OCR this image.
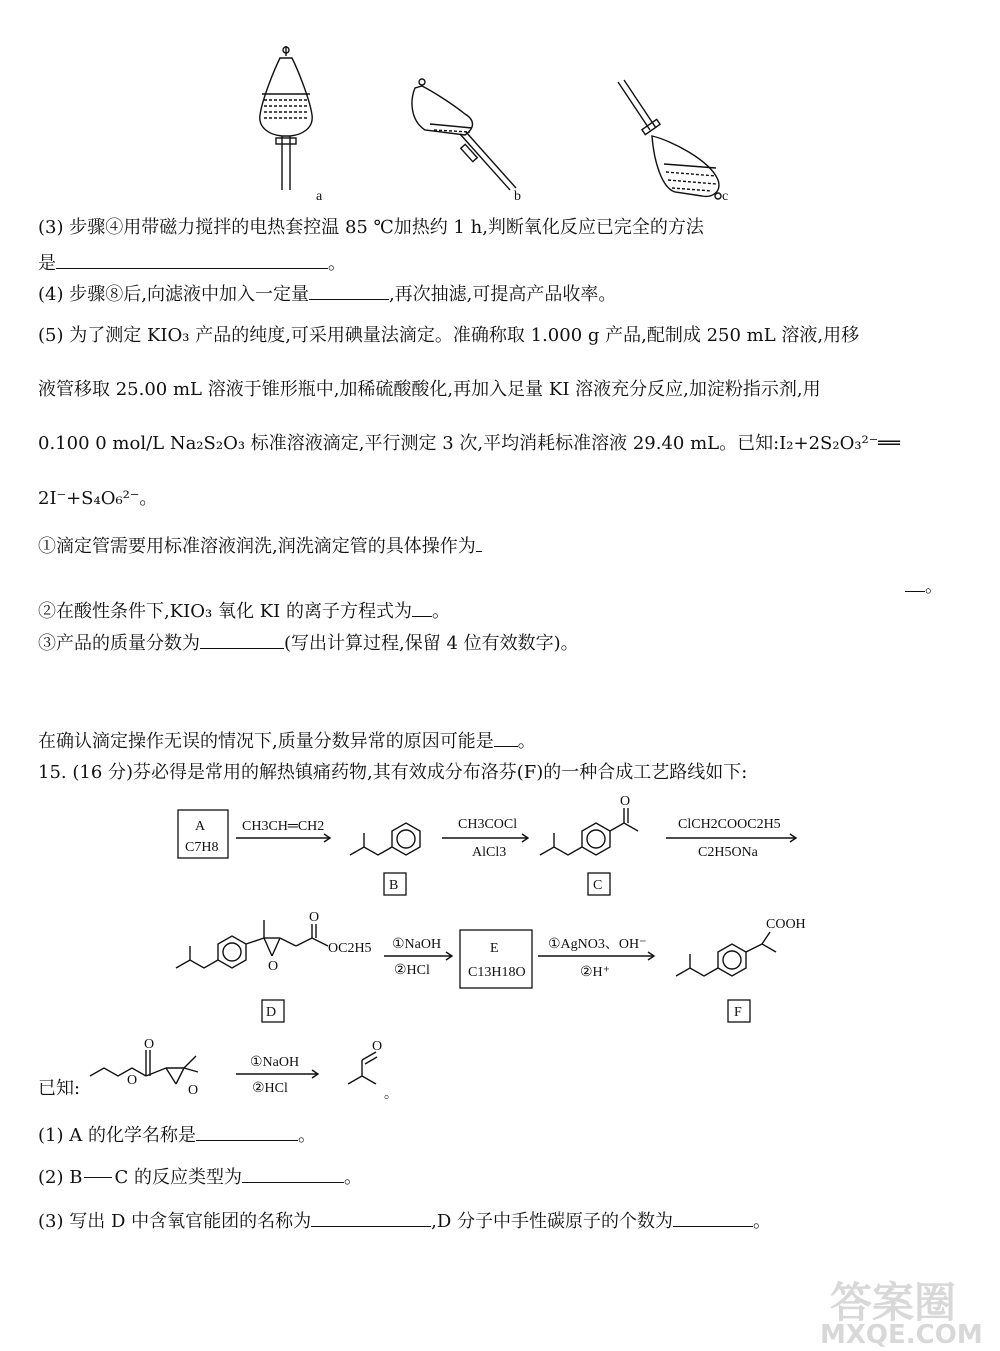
a	b	c
(3) 步骤④用带磁力搅拌的电热套控温 85 ℃加热约 1 h,判断氧化反应已完全的方法
是	。
(4) 步骤⑧后,向滤液中加入一定量	,再次抽滤,可提高产品收率。
(5) 为了测定 KIO₃ 产品的纯度,可采用碘量法滴定。准确称取 1.000 g 产品,配制成 250 mL 溶液,用移
液管移取 25.00 mL 溶液于锥形瓶中,加稀硫酸酸化,再加入足量 KI 溶液充分反应,加淀粉指示剂,用
0.100 0 mol/L Na₂S₂O₃ 标准溶液滴定,平行测定 3 次,平均消耗标准溶液 29.40 mL。已知:I₂+2S₂O₃²⁻══
2I⁻+S₄O₆²⁻。
①滴定管需要用标准溶液润洗,润洗滴定管的具体操作为
。
②在酸性条件下,KIO₃ 氧化 KI 的离子方程式为 。
③产品的质量分数为	(写出计算过程,保留 4 位有效数字)。
在确认滴定操作无误的情况下,质量分数异常的原因可能是 。
15. (16 分)芬必得是常用的解热镇痛药物,其有效成分布洛芬(F)的一种合成工艺路线如下:
A
C7H8
CH3CH═CH2
B
CH3COCl
AlCl3
O
C
ClCH2COOC2H5
C2H5ONa
O
O
OC2H5
D
①NaOH
②HCl
E
C13H18O
①AgNO3、OH⁻
②H⁺
COOH
F
已知:	O
O
O
①NaOH
②HCl
O
。
(1) A 的化学名称是	。
(2) B C 的反应类型为	。
(3) 写出 D 中含氧官能团的名称为	,D 分子中手性碳原子的个数为	。
答案圈
MXQE.COM
